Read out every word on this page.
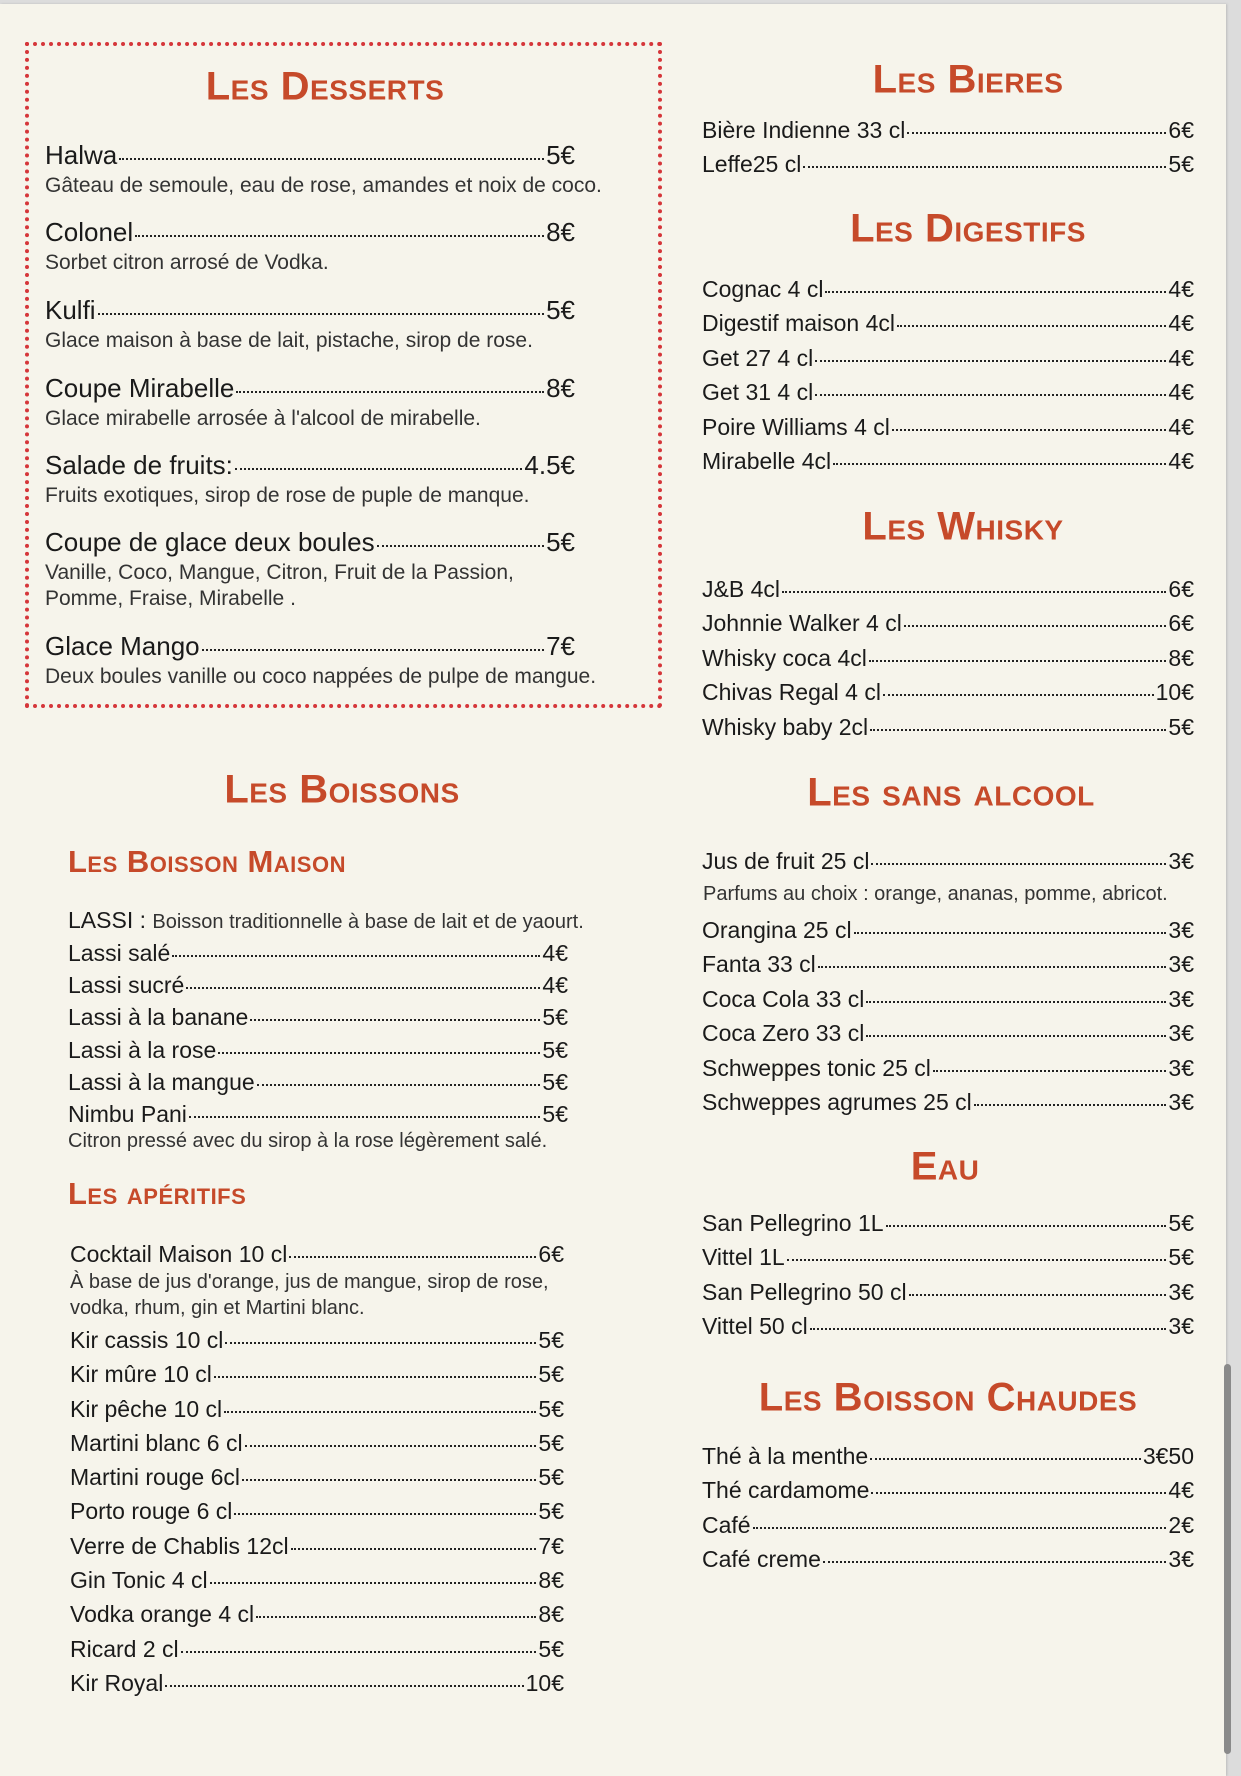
Les Desserts
Halwa	5€
Gâteau de semoule, eau de rose, amandes et noix de coco.
Colonel	8€
Sorbet citron arrosé de Vodka.
Kulfi	5€
Glace maison à base de lait, pistache, sirop de rose.
Coupe Mirabelle	8€
Glace mirabelle arrosée à l'alcool de mirabelle.
Salade de fruits:	4.5€
Fruits exotiques, sirop de rose de puple de manque.
Coupe de glace deux boules	5€
Vanille, Coco, Mangue, Citron, Fruit de la Passion,
Pomme, Fraise, Mirabelle .
Glace Mango	7€
Deux boules vanille ou coco nappées de pulpe de mangue.
Les Boissons
Les Boisson Maison
LASSI : Boisson traditionnelle à base de lait et de yaourt.
Lassi salé	4€
Lassi sucré	4€
Lassi à la banane	5€
Lassi à la rose	5€
Lassi à la mangue	5€
Nimbu Pani	5€
Citron pressé avec du sirop à la rose légèrement salé.
Les apéritifs
Cocktail Maison 10 cl	6€
À base de jus d'orange, jus de mangue, sirop de rose,
vodka, rhum, gin et Martini blanc.
Kir cassis 10 cl	5€
Kir mûre 10 cl	5€
Kir pêche 10 cl	5€
Martini blanc 6 cl	5€
Martini rouge 6cl	5€
Porto rouge 6 cl	5€
Verre de Chablis 12cl	7€
Gin Tonic 4 cl	8€
Vodka orange 4 cl	8€
Ricard 2 cl	5€
Kir Royal	10€
Les Bieres
Bière Indienne 33 cl	6€
Leffe25 cl	5€
Les Digestifs
Cognac 4 cl	4€
Digestif maison 4cl	4€
Get 27 4 cl	4€
Get 31 4 cl	4€
Poire Williams 4 cl	4€
Mirabelle 4cl	4€
Les Whisky
J&B 4cl	6€
Johnnie Walker 4 cl	6€
Whisky coca 4cl	8€
Chivas Regal 4 cl	10€
Whisky baby 2cl	5€
Les sans alcool
Jus de fruit 25 cl	3€
Parfums au choix : orange, ananas, pomme, abricot.
Orangina 25 cl	3€
Fanta 33 cl	3€
Coca Cola 33 cl	3€
Coca Zero 33 cl	3€
Schweppes tonic 25 cl	3€
Schweppes agrumes 25 cl	3€
Eau
San Pellegrino 1L	5€
Vittel 1L	5€
San Pellegrino 50 cl	3€
Vittel 50 cl	3€
Les Boisson Chaudes
Thé à la menthe	3€50
Thé cardamome	4€
Café	2€
Café creme	3€
